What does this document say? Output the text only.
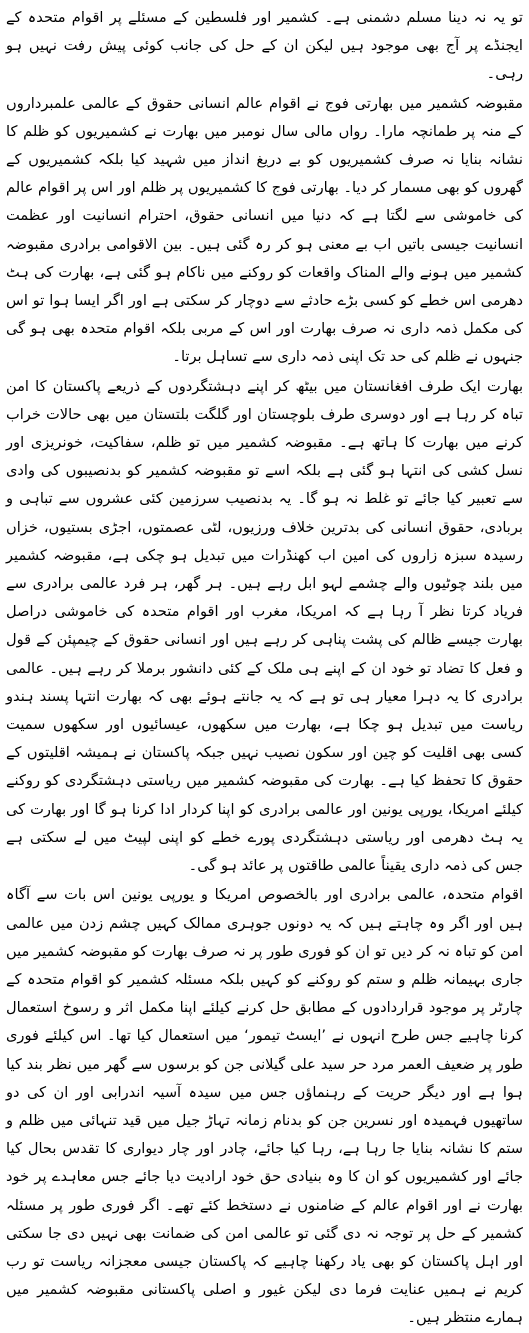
تو یہ نہ دینا مسلم دشمنی ہے۔ کشمیر اور فلسطین کے مسئلے پر اقوام متحدہ کے ایجنڈے پر آج بھی موجود ہیں لیکن ان کے حل کی جانب کوئی پیش رفت نہیں ہو رہی۔

مقبوضہ کشمیر میں بھارتی فوج نے اقوام عالم انسانی حقوق کے عالمی علمبرداروں کے منہ پر طمانچہ مارا۔ رواں مالی سال نومبر میں بھارت نے کشمیریوں کو ظلم کا نشانہ بنایا نہ صرف کشمیریوں کو بے دریغ انداز میں شہید کیا بلکہ کشمیریوں کے گھروں کو بھی مسمار کر دیا۔ بھارتی فوج کا کشمیریوں پر ظلم اور اس پر اقوام عالم کی خاموشی سے لگتا ہے کہ دنیا میں انسانی حقوق، احترام انسانیت اور عظمت انسانیت جیسی باتیں اب بے معنی ہو کر رہ گئی ہیں۔ بین الاقوامی برادری مقبوضہ کشمیر میں ہونے والے المناک واقعات کو روکنے میں ناکام ہو گئی ہے، بھارت کی ہٹ دھرمی اس خطے کو کسی بڑے حادثے سے دوچار کر سکتی ہے اور اگر ایسا ہوا تو اس کی مکمل ذمہ داری نہ صرف بھارت اور اس کے مربی بلکہ اقوام متحدہ بھی ہو گی جنہوں نے ظلم کی حد تک اپنی ذمہ داری سے تساہل برتا۔

بھارت ایک طرف افغانستان میں بیٹھ کر اپنے دہشتگردوں کے ذریعے پاکستان کا امن تباہ کر رہا ہے اور دوسری طرف بلوچستان اور گلگت بلتستان میں بھی حالات خراب کرنے میں بھارت کا ہاتھ ہے۔ مقبوضہ کشمیر میں تو ظلم، سفاکیت، خونریزی اور نسل کشی کی انتہا ہو گئی ہے بلکہ اسے تو مقبوضہ کشمیر کو بدنصیبوں کی وادی سے تعبیر کیا جائے تو غلط نہ ہو گا۔ یہ بدنصیب سرزمین کئی عشروں سے تباہی و بربادی، حقوق انسانی کی بدترین خلاف ورزیوں، لٹی عصمتوں، اجڑی بستیوں، خزاں رسیدہ سبزہ زاروں کی امین اب کھنڈرات میں تبدیل ہو چکی ہے، مقبوضہ کشمیر میں بلند چوٹیوں والے چشمے لہو ابل رہے ہیں۔ ہر گھر، ہر فرد عالمی برادری سے فریاد کرتا نظر آ رہا ہے کہ امریکا، مغرب اور اقوام متحدہ کی خاموشی دراصل بھارت جیسے ظالم کی پشت پناہی کر رہے ہیں اور انسانی حقوق کے چیمپئن کے قول و فعل کا تضاد تو خود ان کے اپنے ہی ملک کے کئی دانشور برملا کر رہے ہیں۔ عالمی برادری کا یہ دہرا معیار ہی تو ہے کہ یہ جانتے ہوئے بھی کہ بھارت انتہا پسند ہندو ریاست میں تبدیل ہو چکا ہے، بھارت میں سکھوں، عیسائیوں اور سکھوں سمیت کسی بھی اقلیت کو چین اور سکون نصیب نہیں جبکہ پاکستان نے ہمیشہ اقلیتوں کے حقوق کا تحفظ کیا ہے۔ بھارت کی مقبوضہ کشمیر میں ریاستی دہشتگردی کو روکنے کیلئے امریکا، یورپی یونین اور عالمی برادری کو اپنا کردار ادا کرنا ہو گا اور بھارت کی یہ ہٹ دھرمی اور ریاستی دہشتگردی پورے خطے کو اپنی لپیٹ میں لے سکتی ہے جس کی ذمہ داری یقیناً عالمی طاقتوں پر عائد ہو گی۔

اقوام متحدہ، عالمی برادری اور بالخصوص امریکا و یورپی یونین اس بات سے آگاہ ہیں اور اگر وہ چاہتے ہیں کہ یہ دونوں جوہری ممالک کہیں چشم زدن میں عالمی امن کو تباہ نہ کر دیں تو ان کو فوری طور پر نہ صرف بھارت کو مقبوضہ کشمیر میں جاری بہیمانہ ظلم و ستم کو روکنے کو کہیں بلکہ مسئلہ کشمیر کو اقوام متحدہ کے چارٹر پر موجود قراردادوں کے مطابق حل کرنے کیلئے اپنا مکمل اثر و رسوخ استعمال کرنا چاہیے جس طرح انہوں نے ’ایسٹ تیمور‘ میں استعمال کیا تھا۔ اس کیلئے فوری طور پر ضعیف العمر مرد حر سید علی گیلانی جن کو برسوں سے گھر میں نظر بند کیا ہوا ہے اور دیگر حریت کے رہنماؤں جس میں سیدہ آسیہ اندرابی اور ان کی دو ساتھیوں فہمیدہ اور نسرین جن کو بدنام زمانہ تہاڑ جیل میں قید تنہائی میں ظلم و ستم کا نشانہ بنایا جا رہا ہے، رہا کیا جائے، چادر اور چار دیواری کا تقدس بحال کیا جائے اور کشمیریوں کو ان کا وہ بنیادی حق خود ارادیت دیا جائے جس معاہدے پر خود بھارت نے اور اقوام عالم کے ضامنوں نے دستخط کئے تھے۔ اگر فوری طور پر مسئلہ کشمیر کے حل پر توجہ نہ دی گئی تو عالمی امن کی ضمانت بھی نہیں دی جا سکتی اور اہل پاکستان کو بھی یاد رکھنا چاہیے کہ پاکستان جیسی معجزانہ ریاست تو رب کریم نے ہمیں عنایت فرما دی لیکن غیور و اصلی پاکستانی مقبوضہ کشمیر میں ہمارے منتظر ہیں۔
